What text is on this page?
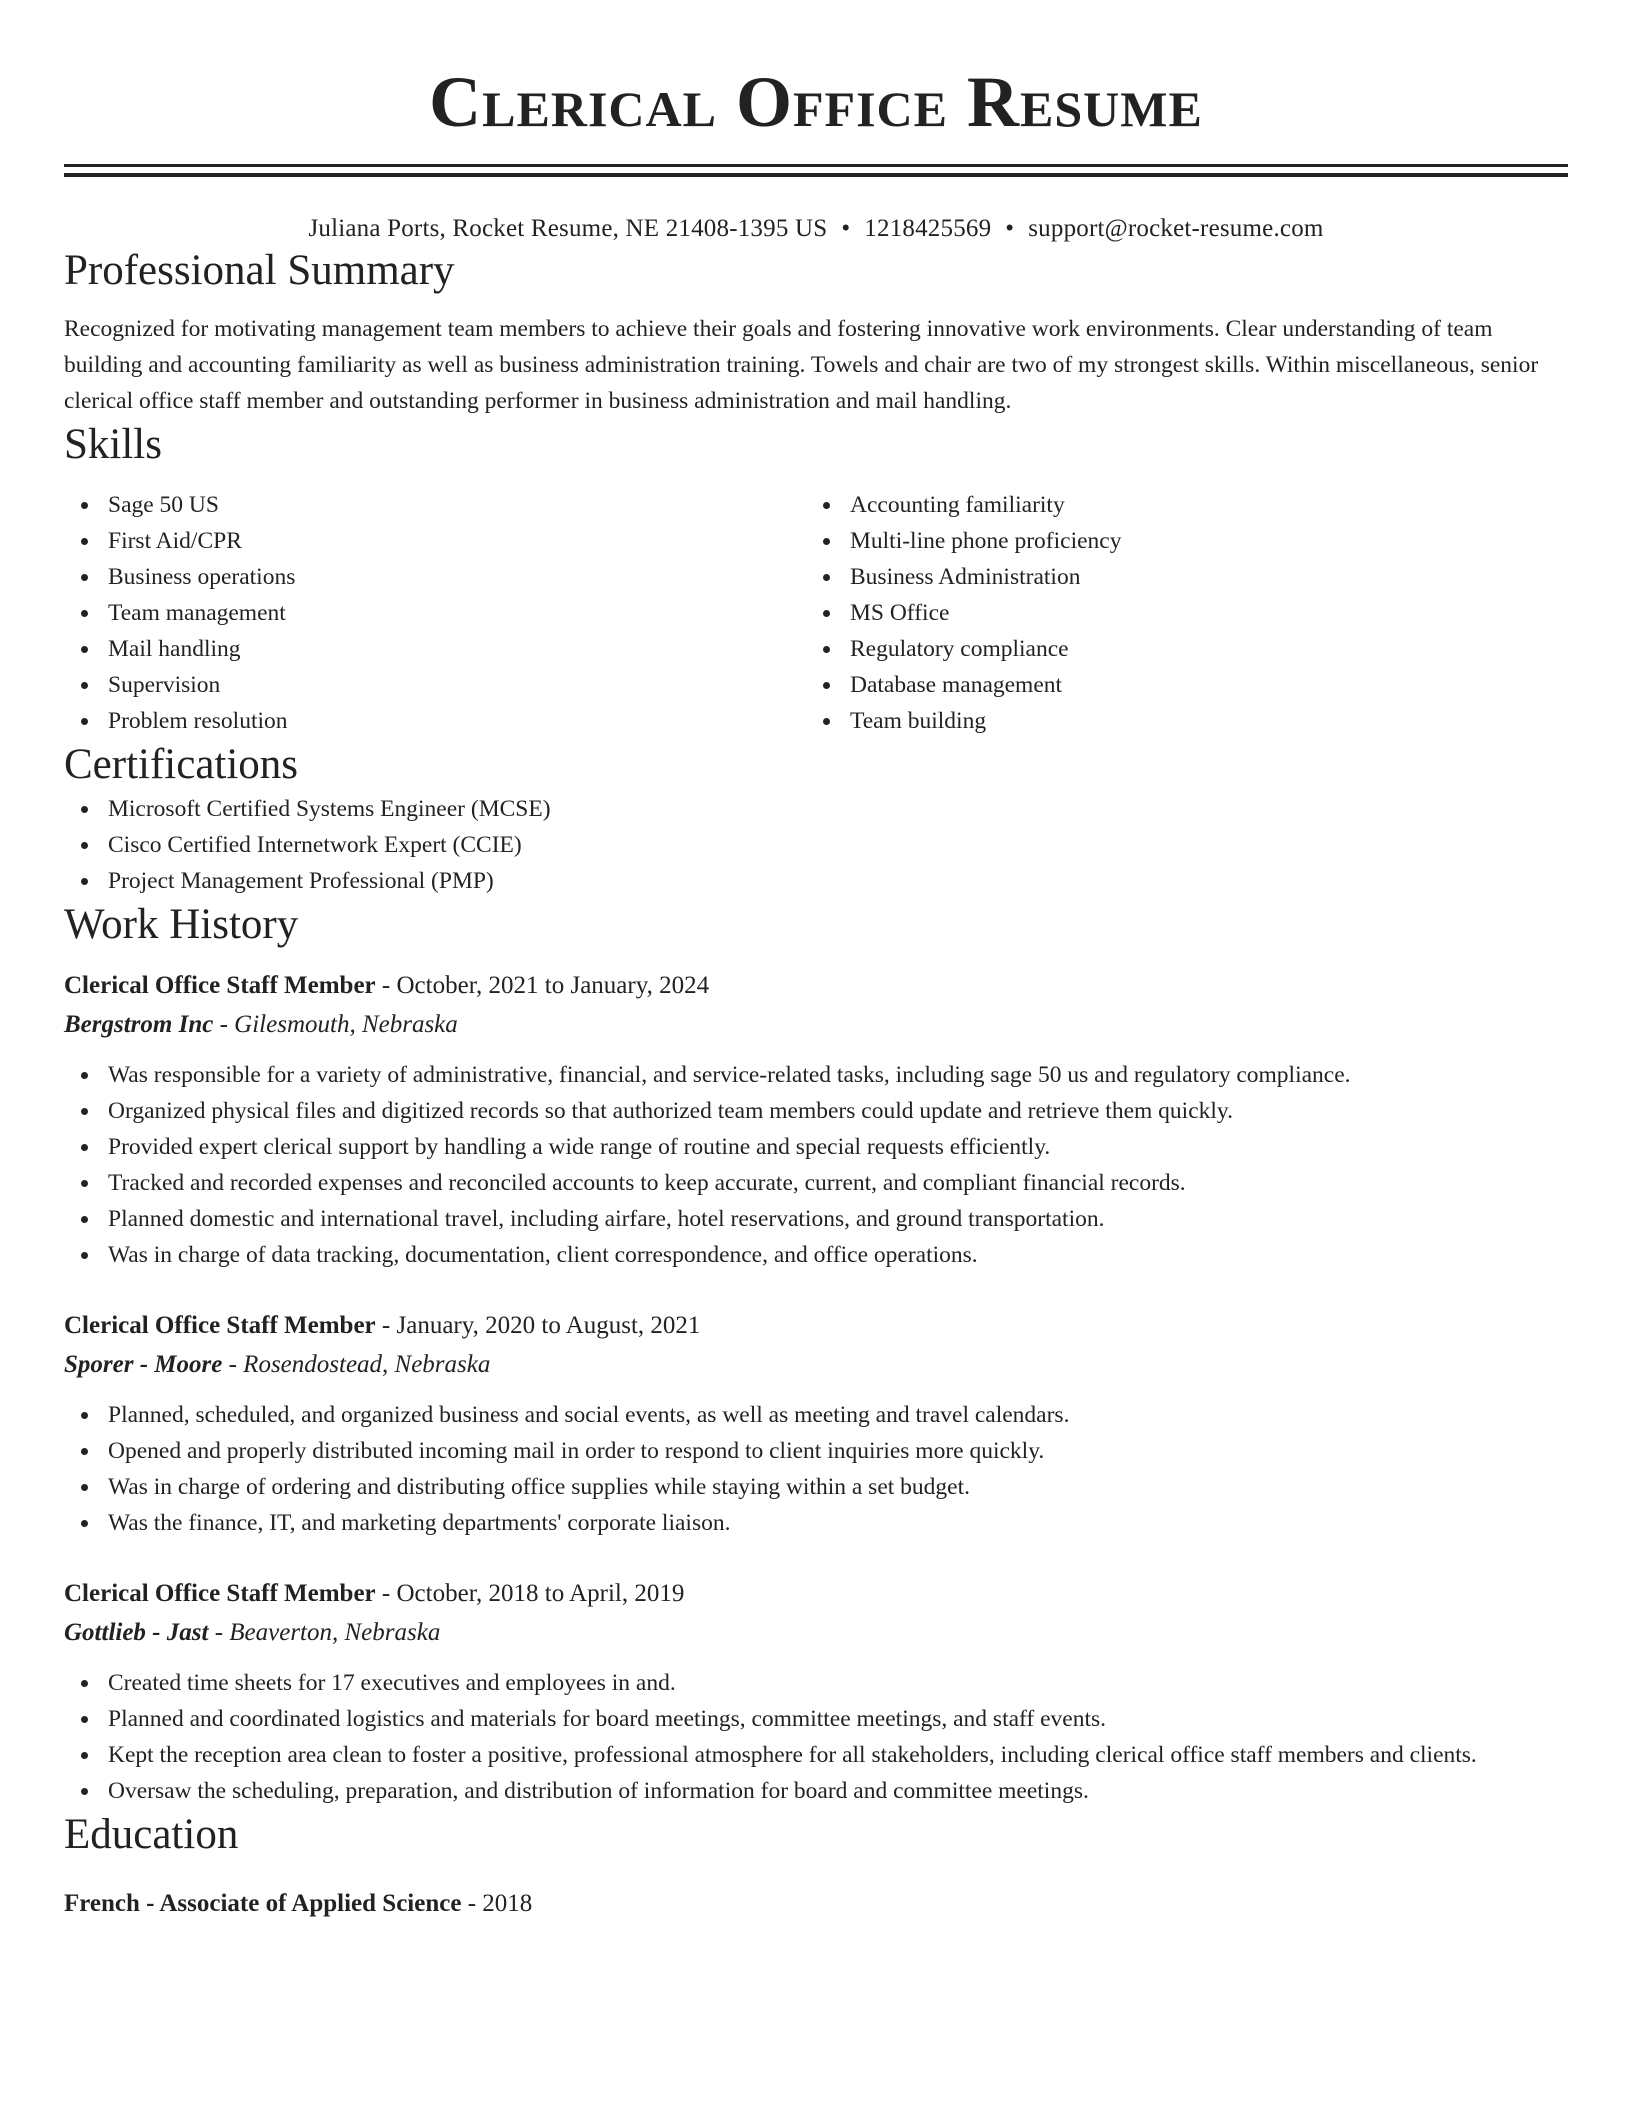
Clerical Office Resume
Juliana Ports, Rocket Resume, NE 21408-1395 US • 1218425569 • support@rocket-resume.com
Professional Summary

Recognized for motivating management team members to achieve their goals and fostering innovative work environments. Clear understanding of team building and accounting familiarity as well as business administration training. Towels and chair are two of my strongest skills. Within miscellaneous, senior clerical office staff member and outstanding performer in business administration and mail handling.

Skills
Sage 50 US
First Aid/CPR
Business operations
Team management
Mail handling
Supervision
Problem resolution
Accounting familiarity
Multi-line phone proficiency
Business Administration
MS Office
Regulatory compliance
Database management
Team building
Certifications
Microsoft Certified Systems Engineer (MCSE)
Cisco Certified Internetwork Expert (CCIE)
Project Management Professional (PMP)
Work History
Clerical Office Staff Member - October, 2021 to January, 2024
Bergstrom Inc - Gilesmouth, Nebraska
Was responsible for a variety of administrative, financial, and service-related tasks, including sage 50 us and regulatory compliance.
Organized physical files and digitized records so that authorized team members could update and retrieve them quickly.
Provided expert clerical support by handling a wide range of routine and special requests efficiently.
Tracked and recorded expenses and reconciled accounts to keep accurate, current, and compliant financial records.
Planned domestic and international travel, including airfare, hotel reservations, and ground transportation.
Was in charge of data tracking, documentation, client correspondence, and office operations.
Clerical Office Staff Member - January, 2020 to August, 2021
Sporer - Moore - Rosendostead, Nebraska
Planned, scheduled, and organized business and social events, as well as meeting and travel calendars.
Opened and properly distributed incoming mail in order to respond to client inquiries more quickly.
Was in charge of ordering and distributing office supplies while staying within a set budget.
Was the finance, IT, and marketing departments' corporate liaison.
Clerical Office Staff Member - October, 2018 to April, 2019
Gottlieb - Jast - Beaverton, Nebraska
Created time sheets for 17 executives and employees in and.
Planned and coordinated logistics and materials for board meetings, committee meetings, and staff events.
Kept the reception area clean to foster a positive, professional atmosphere for all stakeholders, including clerical office staff members and clients.
Oversaw the scheduling, preparation, and distribution of information for board and committee meetings.
Education
French - Associate of Applied Science - 2018
